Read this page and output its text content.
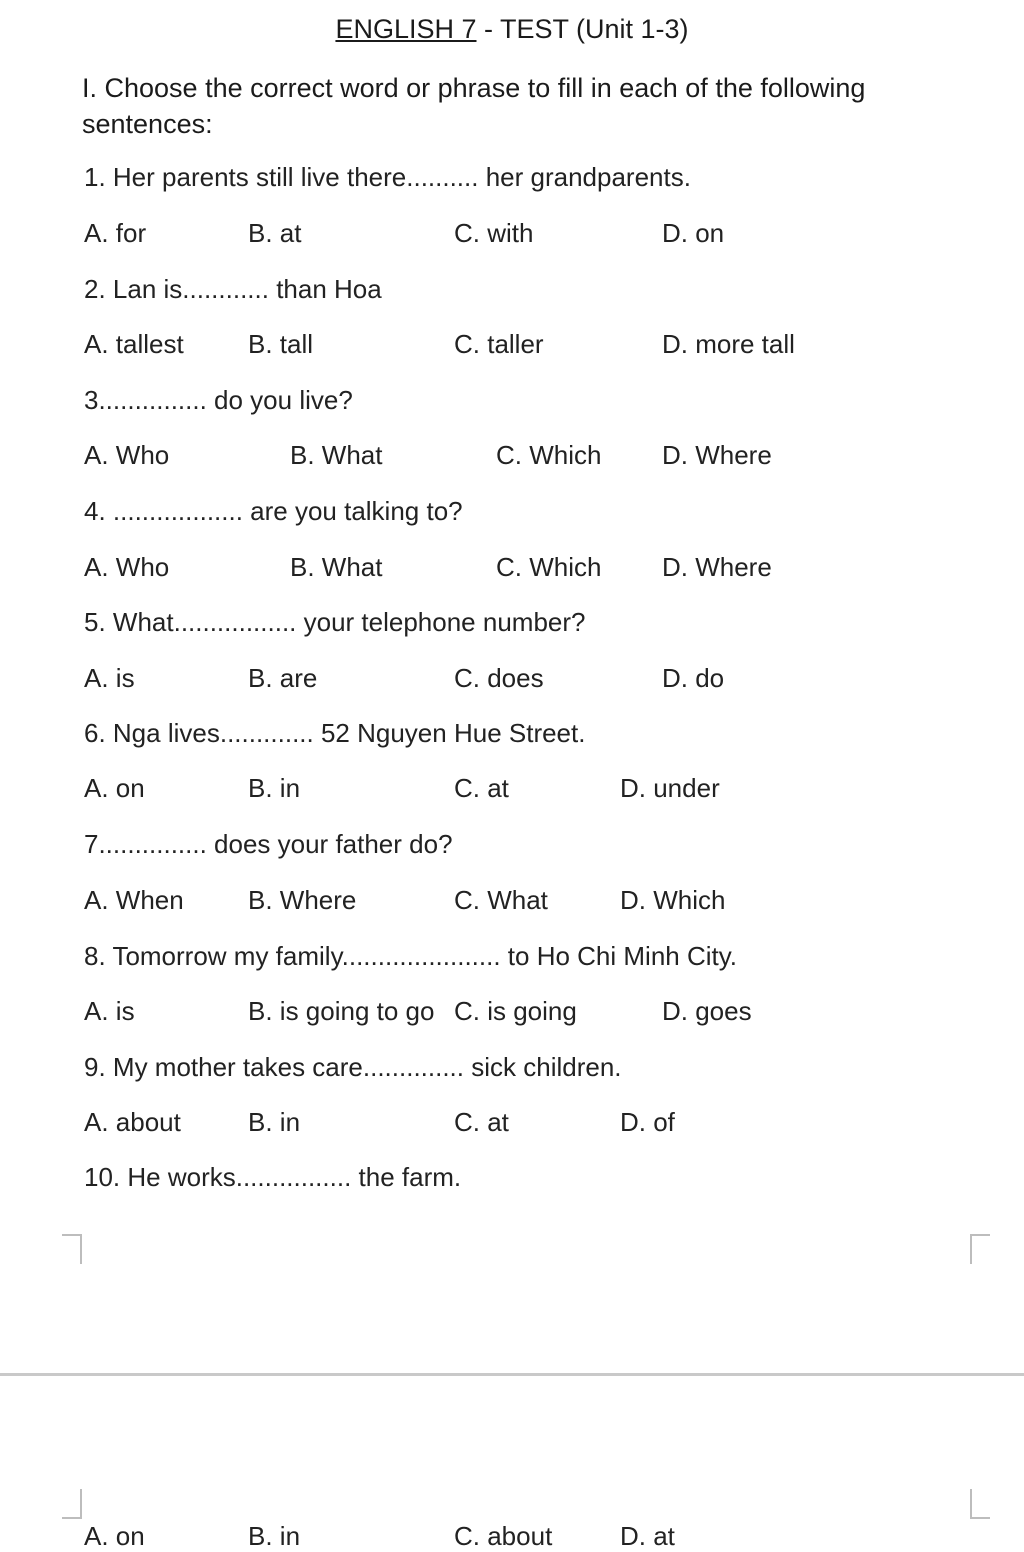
ENGLISH 7 - TEST (Unit 1-3)
I. Choose the correct word or phrase to fill in each of the following sentences:
1. Her parents still live there.......... her grandparents.
A. for	B. at	C. with	D. on
2. Lan is............ than Hoa
A. tallest B. tall	C. taller	D. more tall
3............... do you live?
A. Who	B. What	C. Which D. Where
4. .................. are you talking to?
A. Who	B. What	C. Which D. Where
5. What................. your telephone number?
A. is	B. are	C. does	D. do
6. Nga lives............. 52 Nguyen Hue Street.
A. on	B. in	C. at	D. under
7............... does your father do?
A. When B. Where	C. What	D. Which
8. Tomorrow my family...................... to Ho Chi Minh City.
A. is	B. is going to go C. is going	D. goes
9. My mother takes care.............. sick children.
A. about	B. in	C. at	D. of
10. He works................ the farm.
A. on	B. in	C. about	D. at
